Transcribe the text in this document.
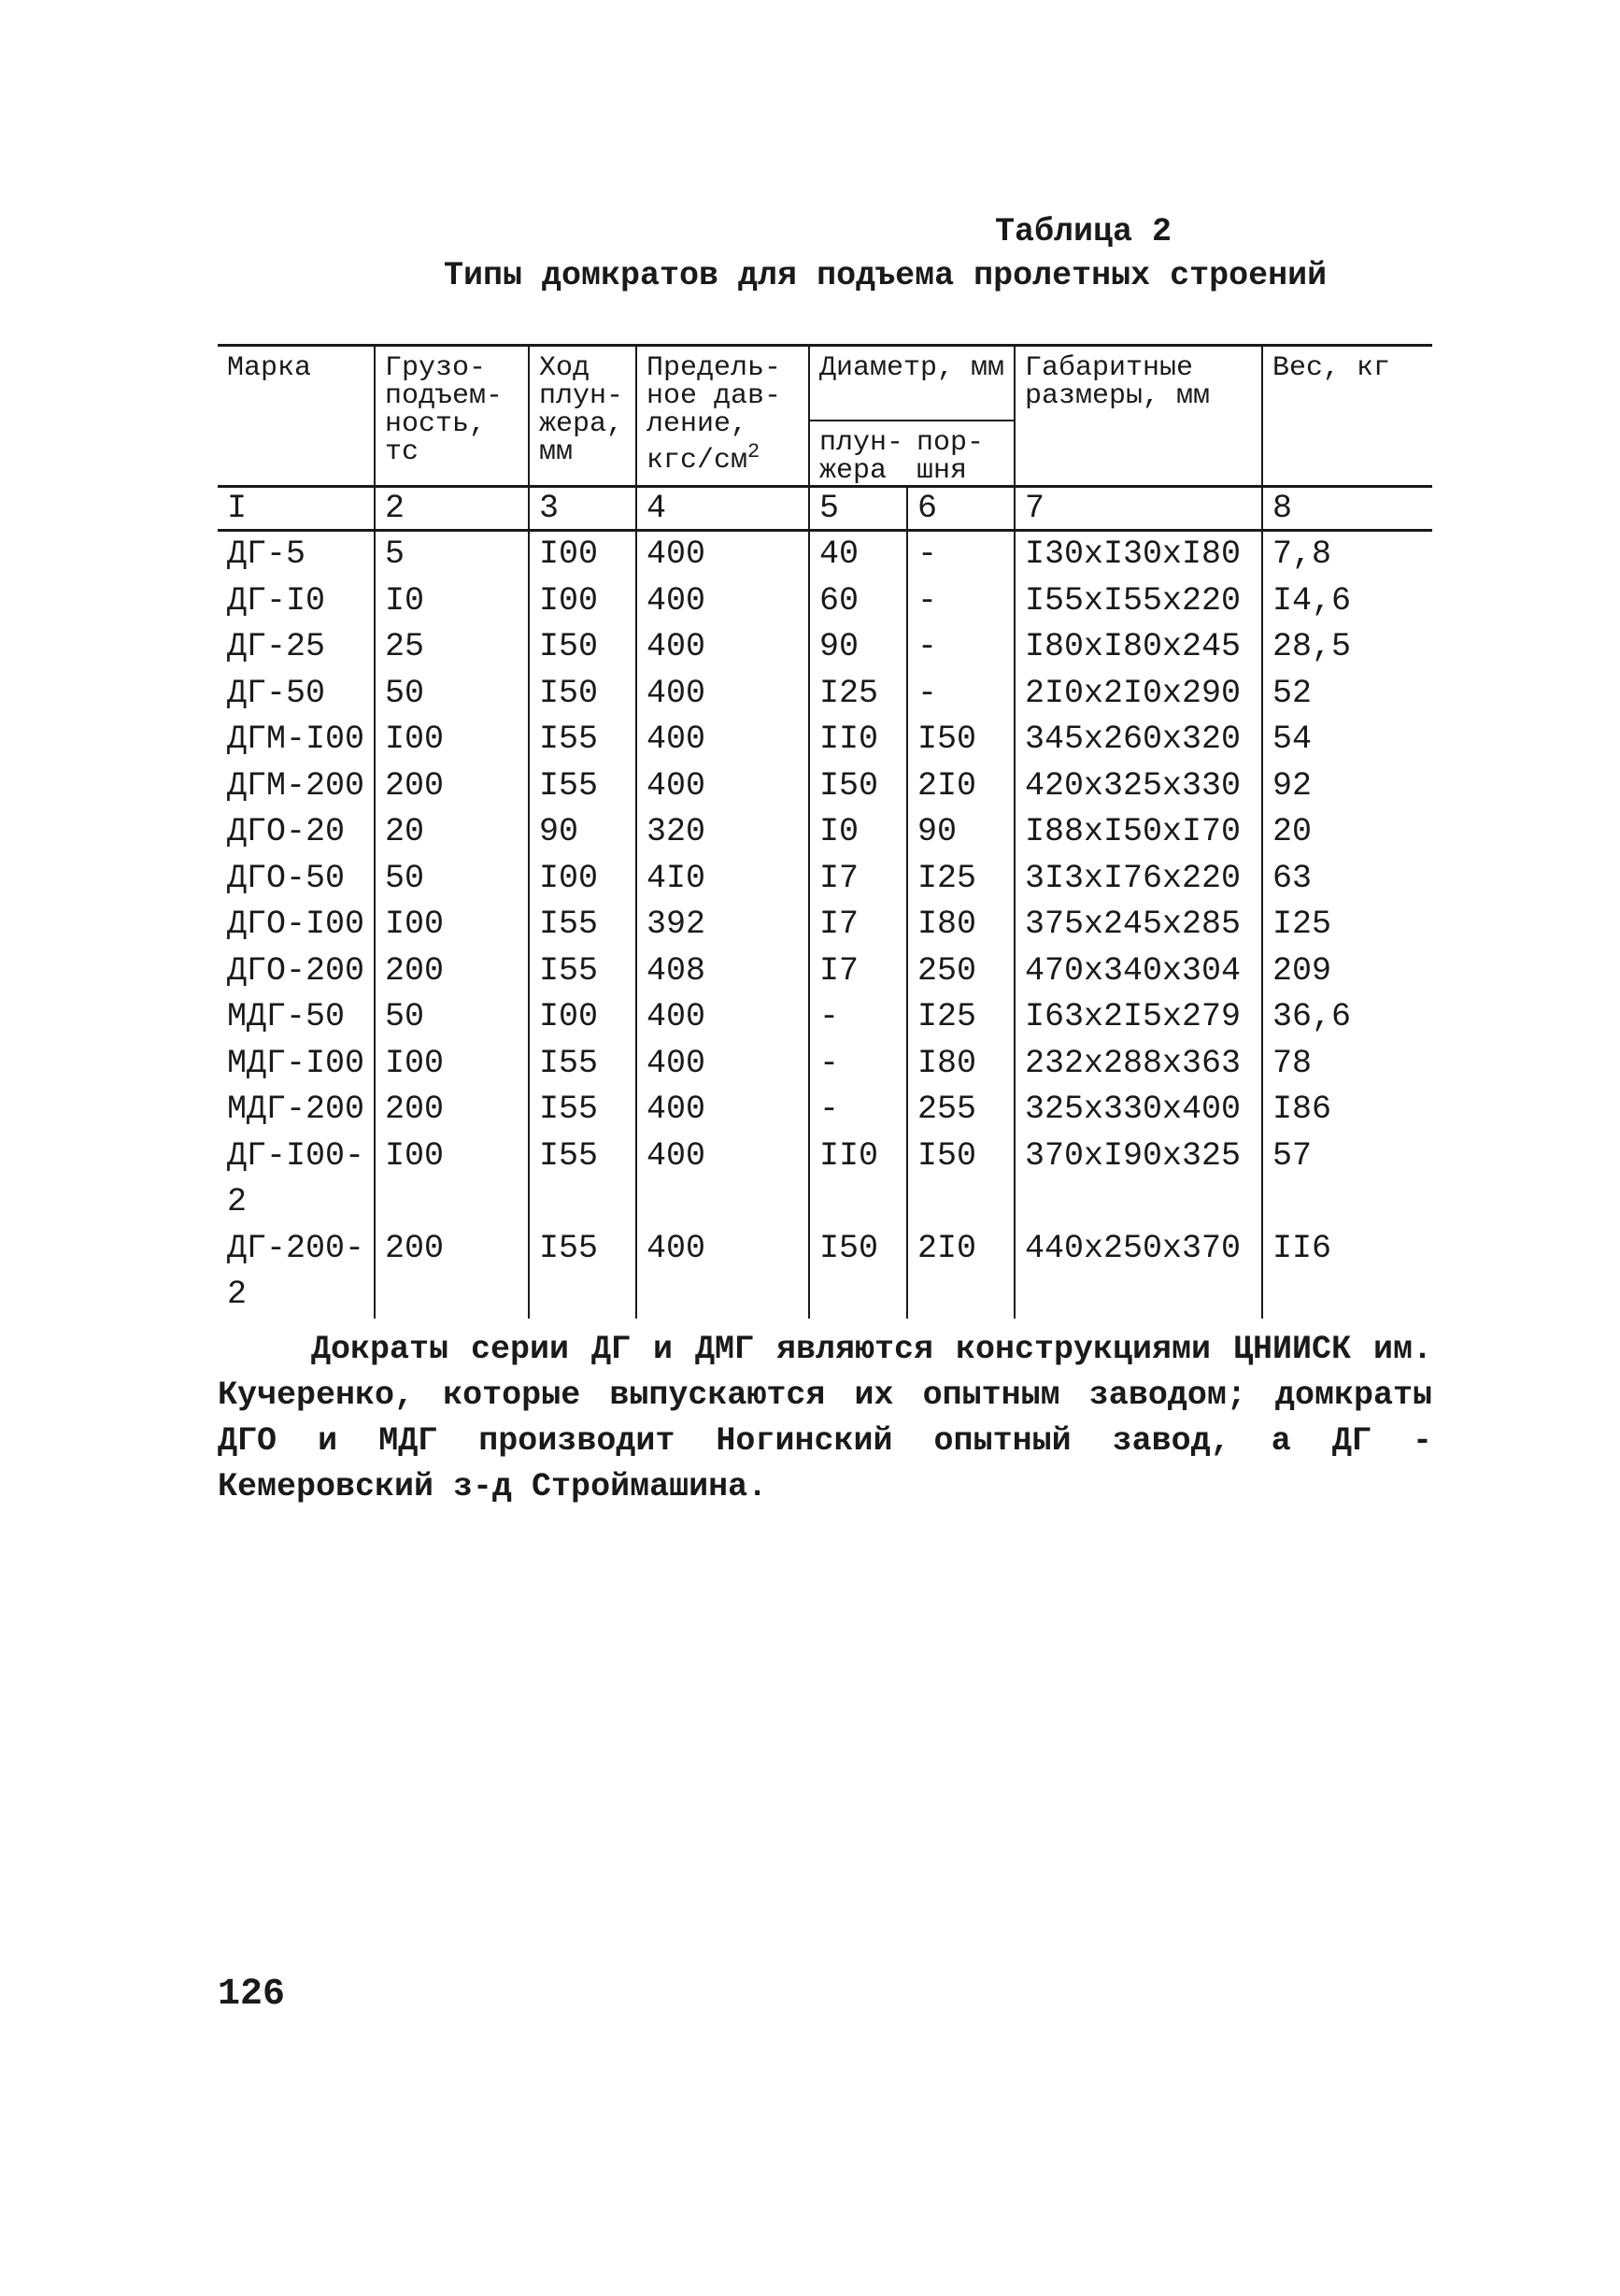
Таблица 2
Типы домкратов для подъема пролетных строений
Марка	Грузо-подъем-ность, тс	Ход плун-жера, мм	Предель-ное дав-ление, кгс/$см^2$	Диаметр, мм		Габаритные размеры, мм	Вес, кг
				плун-жера	пор-шня		
I	2	3	4	5	6	7	8
ДГ-5	5	I00	400	40	-	I30xI30xI80	7,8
ДГ-I0	I0	I00	400	60	-	I55xI55x220	I4,6
ДГ-25	25	I50	400	90	-	I80xI80x245	28,5
ДГ-50	50	I50	400	I25	-	2I0x2I0x290	52
ДГМ-I00	I00	I55	400	II0	I50	345x260x320	54
ДГМ-200	200	I55	400	I50	2I0	420x325x330	92
ДГО-20	20	90	320	I0	90	I88xI50xI70	20
ДГО-50	50	I00	4I0	I7	I25	3I3xI76x220	63
ДГО-I00	I00	I55	392	I7	I80	375x245x285	I25
ДГО-200	200	I55	408	I7	250	470x340x304	209
МДГ-50	50	I00	400	-	I25	I63x2I5x279	36,6
МДГ-I00	I00	I55	400	-	I80	232x288x363	78
МДГ-200	200	I55	400	-	255	325x330x400	I86
ДГ-I00-2	I00	I55	400	II0	I50	370xI90x325	57
ДГ-200-2	200	I55	400	I50	2I0	440x250x370	II6

Дократы серии ДГ и ДМГ являются конструкциями ЦНИИСК им. Кучеренко, которые выпускаются их опытным заводом; домкраты ДГО и МДГ производит Ногинский опытный завод, а ДГ - Кемеровский з-д Строймашина.

126
